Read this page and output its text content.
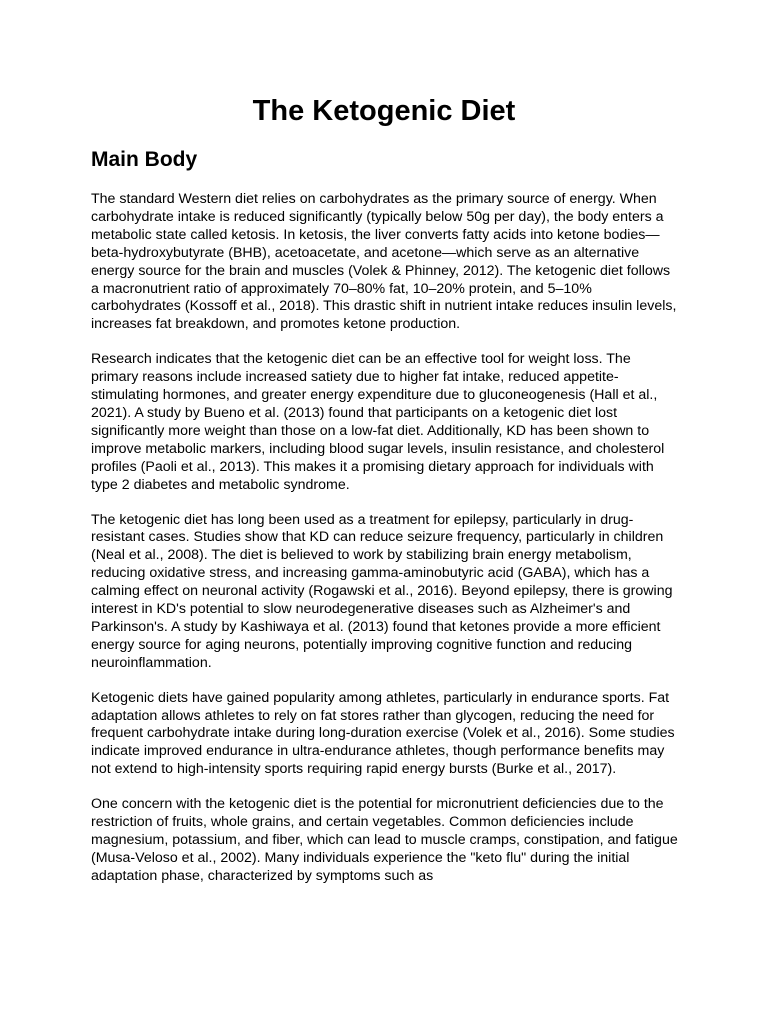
The Ketogenic Diet
Main Body

The standard Western diet relies on carbohydrates as the primary source of energy. When carbohydrate intake is reduced significantly (typically below 50g per day), the body enters a metabolic state called ketosis. In ketosis, the liver converts fatty acids into ketone bodies—beta-hydroxybutyrate (BHB), acetoacetate, and acetone—which serve as an alternative energy source for the brain and muscles (Volek & Phinney, 2012). The ketogenic diet follows a macronutrient ratio of approximately 70–80% fat, 10–20% protein, and 5–10% carbohydrates (Kossoff et al., 2018). This drastic shift in nutrient intake reduces insulin levels, increases fat breakdown, and promotes ketone production.

Research indicates that the ketogenic diet can be an effective tool for weight loss. The primary reasons include increased satiety due to higher fat intake, reduced appetite-stimulating hormones, and greater energy expenditure due to gluconeogenesis (Hall et al., 2021). A study by Bueno et al. (2013) found that participants on a ketogenic diet lost significantly more weight than those on a low-fat diet. Additionally, KD has been shown to improve metabolic markers, including blood sugar levels, insulin resistance, and cholesterol profiles (Paoli et al., 2013). This makes it a promising dietary approach for individuals with type 2 diabetes and metabolic syndrome.

The ketogenic diet has long been used as a treatment for epilepsy, particularly in drug-resistant cases. Studies show that KD can reduce seizure frequency, particularly in children (Neal et al., 2008). The diet is believed to work by stabilizing brain energy metabolism, reducing oxidative stress, and increasing gamma-aminobutyric acid (GABA), which has a calming effect on neuronal activity (Rogawski et al., 2016). Beyond epilepsy, there is growing interest in KD's potential to slow neurodegenerative diseases such as Alzheimer's and Parkinson's. A study by Kashiwaya et al. (2013) found that ketones provide a more efficient energy source for aging neurons, potentially improving cognitive function and reducing neuroinflammation.

Ketogenic diets have gained popularity among athletes, particularly in endurance sports. Fat adaptation allows athletes to rely on fat stores rather than glycogen, reducing the need for frequent carbohydrate intake during long-duration exercise (Volek et al., 2016). Some studies indicate improved endurance in ultra-endurance athletes, though performance benefits may not extend to high-intensity sports requiring rapid energy bursts (Burke et al., 2017).

One concern with the ketogenic diet is the potential for micronutrient deficiencies due to the restriction of fruits, whole grains, and certain vegetables. Common deficiencies include magnesium, potassium, and fiber, which can lead to muscle cramps, constipation, and fatigue (Musa-Veloso et al., 2002). Many individuals experience the "keto flu" during the initial adaptation phase, characterized by symptoms such as
